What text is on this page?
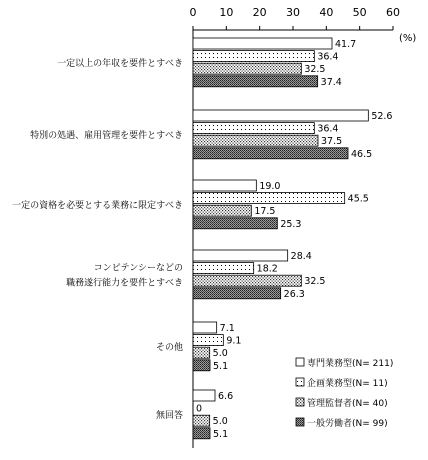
0 10 20 30 40 50 60
(%)
一定以上の年収を要件とすべき
特別の処遇、雇用管理を要件とすべき
一定の資格を必要とする業務に限定すべき
コンピテンシーなどの
職務遂行能力を要件とすべき
その他
無回答
41.7
52.6
19.0
28.4
7.1
6.6
36.4
36.4
45.5
18.2
9.1
0
32.5
37.5
17.5
32.5
5.0
5.0
37.4
46.5
25.3
26.3
5.1
5.1
専門業務型(N= 211)
企画業務型(N= 11)
管理監督者(N= 40)
一般労働者(N= 99)
